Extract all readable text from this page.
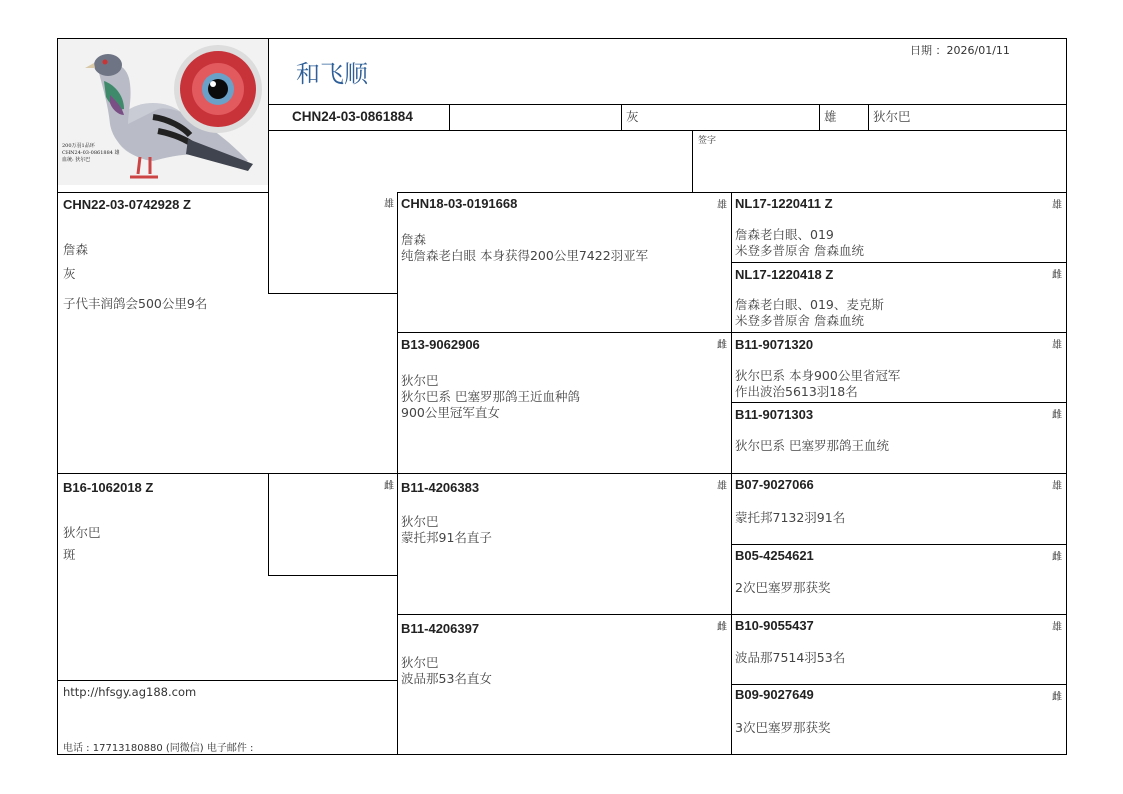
200万羽1品环
CHN24-03-0861884 雄
血统: 狄尔巴
和飞顺
日期 ：2026/01/11
CHN24-03-0861884	灰	雄	狄尔巴
签字
CHN22-03-0742928 Z
詹森
灰
子代丰润鸽会500公里9名
雄
B16-1062018 Z
狄尔巴
斑
雌
http://hfsgy.ag188.com
电话 : 17713180880 (同微信) 电子邮件 :
雄
CHN18-03-0191668
詹森
纯詹森老白眼 本身获得200公里7422羽亚军
雌
B13-9062906
狄尔巴
狄尔巴系 巴塞罗那鸽王近血种鸽
900公里冠军直女
雄
B11-4206383
狄尔巴
蒙托邦91名直子
雌
B11-4206397
狄尔巴
波品那53名直女
雄
NL17-1220411 Z
詹森老白眼、019
米登多普原舍 詹森血统
雌
NL17-1220418 Z
詹森老白眼、019、麦克斯
米登多普原舍 詹森血统
雄
B11-9071320
狄尔巴系 本身900公里省冠军
作出波治5613羽18名
雌
B11-9071303
狄尔巴系 巴塞罗那鸽王血统
雄
B07-9027066
蒙托邦7132羽91名
雌
B05-4254621
2次巴塞罗那获奖
雄
B10-9055437
波品那7514羽53名
雌
B09-9027649
3次巴塞罗那获奖
